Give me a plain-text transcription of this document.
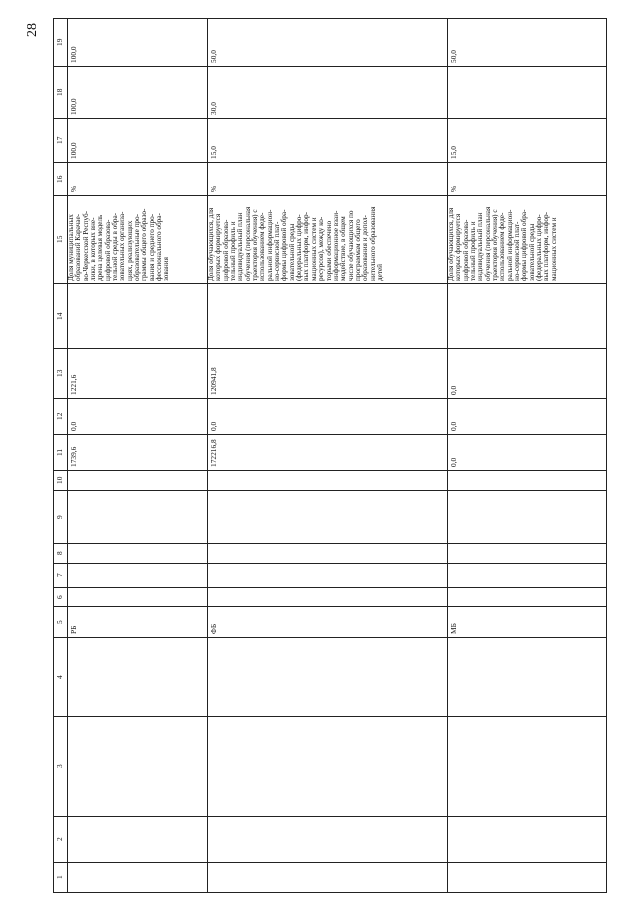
28
1
2
3
4
5
6
7
8
9
10
11
12
13
14
15
16
17
18
19
100,0
100,0
100,0
%
1221,6
0,0
1739,6
РБ
Доля муниципальных образований Карачае- во-Черкесской Респуб- лики, в которых вне- дрена целевая модель цифровой образова- тельной среды в обра- зовательных организа- циях, реализующих образовательные про- граммы общего образо- вания и среднего про- фессионального обра- зования
50,0
30,0
15,0
%
120941,8
0,0
172216,8
ФБ
Доля обучающихся, для которых формируется цифровой образова- тельный профиль и индивидуальный план обучения (персональная траектория обучения) с использованием феде- ральной информацион- но-сервисной плат- формы цифровой обра- зовательной среды (федеральных цифро- вых платформ, инфор- мационных систем и ресурсов), между ко- торыми обеспечено информационное взаи- модействие, в общем числе обучающихся по программам общего образования и допол- нительного образования детей
50,0
15,0
%
0,0
0,0
0,0
МБ
Доля обучающихся, для которых формируется цифровой образова- тельный профиль и индивидуальный план обучения (персональная траектория обучения) с использованием феде- ральной информацион- но-сервисной плат- формы цифровой обра- зовательной среды (федеральных цифро- вых платформ, инфор- мационных систем и
